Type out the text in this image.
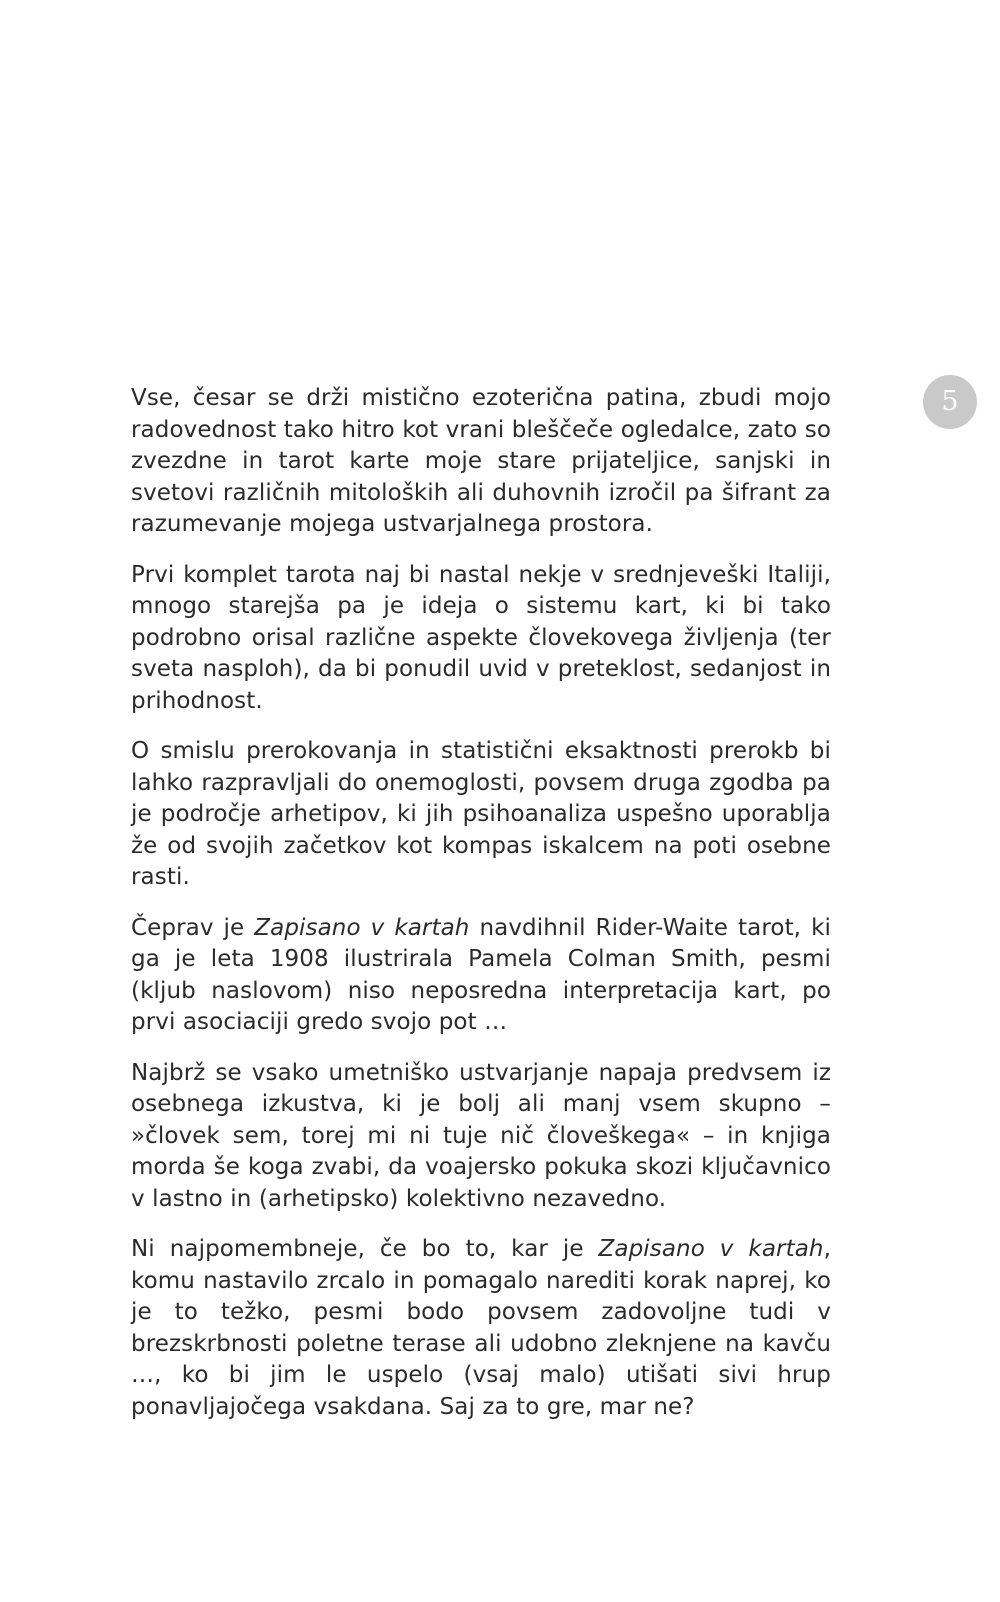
5

Vse, česar se drži mistično ezoterična patina, zbudi mojo radovednost tako hitro kot vrani bleščeče ogledalce, zato so zvezdne in tarot karte moje stare prijateljice, sanjski in svetovi različnih mitoloških ali duhovnih izročil pa šifrant za razumevanje mojega ustvarjalnega prostora.

Prvi komplet tarota naj bi nastal nekje v srednjeveški Italiji, mnogo starejša pa je ideja o sistemu kart, ki bi tako podrobno orisal različne aspekte človekovega življenja (ter sveta nasploh), da bi ponudil uvid v preteklost, sedanjost in prihodnost.

O smislu prerokovanja in statistični eksaktnosti prerokb bi lahko razpravljali do onemoglosti, povsem druga zgodba pa je področje arhetipov, ki jih psihoanaliza uspešno uporablja že od svojih začetkov kot kompas iskalcem na poti osebne rasti.

Čeprav je Zapisano v kartah navdihnil Rider-Waite tarot, ki ga je leta 1908 ilustrirala Pamela Colman Smith, pesmi (kljub naslovom) niso neposredna interpretacija kart, po prvi asociaciji gredo svojo pot …

Najbrž se vsako umetniško ustvarjanje napaja predvsem iz osebnega izkustva, ki je bolj ali manj vsem skupno – »človek sem, torej mi ni tuje nič človeškega« – in knjiga morda še koga zvabi, da voajersko pokuka skozi ključavnico v lastno in (arhetipsko) kolektivno nezavedno.

Ni najpomembneje, če bo to, kar je Zapisano v kartah, komu nastavilo zrcalo in pomagalo narediti korak naprej, ko je to težko, pesmi bodo povsem zadovoljne tudi v brezskrbnosti poletne terase ali udobno zleknjene na kavču …, ko bi jim le uspelo (vsaj malo) utišati sivi hrup ponavljajočega vsakdana. Saj za to gre, mar ne?
